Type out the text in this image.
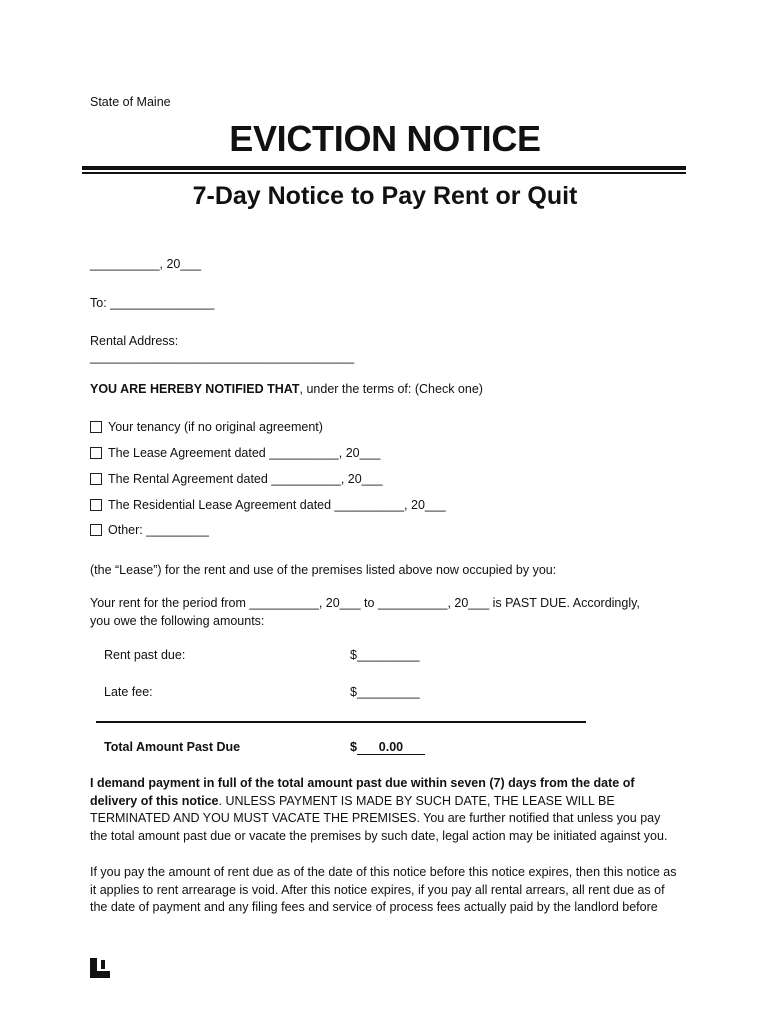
State of Maine
EVICTION NOTICE
7-Day Notice to Pay Rent or Quit
__________, 20___
To: _______________
Rental Address:
______________________________________
YOU ARE HEREBY NOTIFIED THAT, under the terms of: (Check one)
Your tenancy (if no original agreement)
The Lease Agreement dated __________, 20___
The Rental Agreement dated __________, 20___
The Residential Lease Agreement dated __________, 20___
Other: _________
(the “Lease”) for the rent and use of the premises listed above now occupied by you:
Your rent for the period from __________, 20___ to __________, 20___ is PAST DUE. Accordingly,
you owe the following amounts:
Rent past due:	$_________
Late fee:	$_________
Total Amount Past Due	$ 0.00
I demand payment in full of the total amount past due within seven (7) days from the date of delivery of this notice. UNLESS PAYMENT IS MADE BY SUCH DATE, THE LEASE WILL BE TERMINATED AND YOU MUST VACATE THE PREMISES. You are further notified that unless you pay the total amount past due or vacate the premises by such date, legal action may be initiated against you.
If you pay the amount of rent due as of the date of this notice before this notice expires, then this notice as it applies to rent arrearage is void. After this notice expires, if you pay all rental arrears, all rent due as of the date of payment and any filing fees and service of process fees actually paid by the landlord before
